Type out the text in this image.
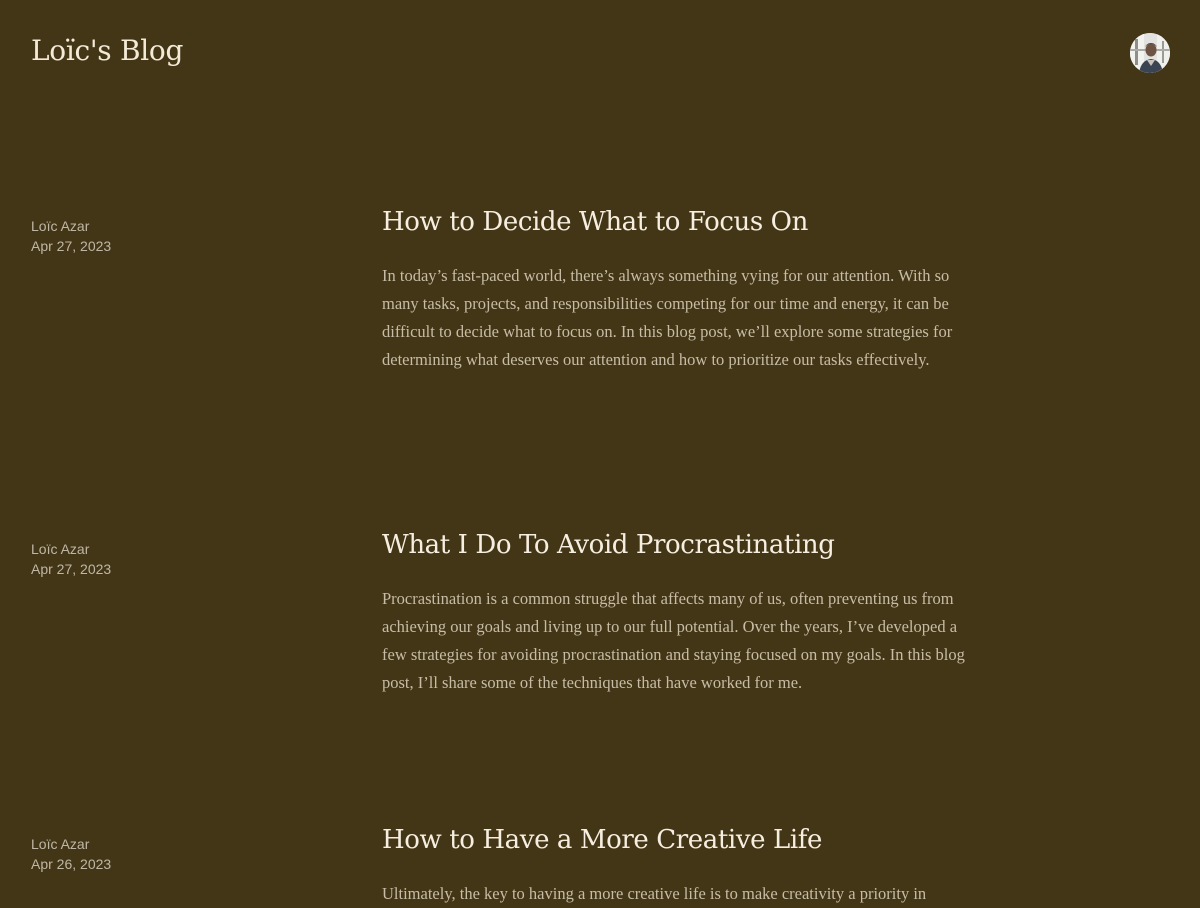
Loïc's Blog
Loïc Azar
Apr 27, 2023
How to Decide What to Focus On

In today’s fast-paced world, there’s always something vying for our attention. With so many tasks, projects, and responsibilities competing for our time and energy, it can be difficult to decide what to focus on. In this blog post, we’ll explore some strategies for determining what deserves our attention and how to prioritize our tasks effectively.

Loïc Azar
Apr 27, 2023
What I Do To Avoid Procrastinating

Procrastination is a common struggle that affects many of us, often preventing us from achieving our goals and living up to our full potential. Over the years, I’ve developed a few strategies for avoiding procrastination and staying focused on my goals. In this blog post, I’ll share some of the techniques that have worked for me.

Loïc Azar
Apr 26, 2023
How to Have a More Creative Life

Ultimately, the key to having a more creative life is to make creativity a priority in
